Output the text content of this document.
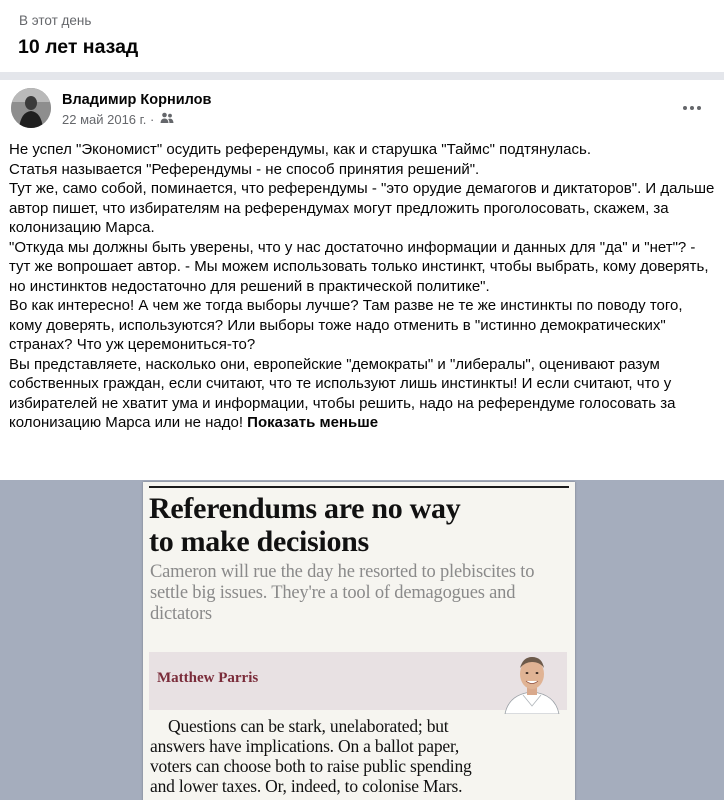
В этот день
10 лет назад
Владимир Корнилов
22 май 2016 г. ·

Не успел "Экономист" осудить референдумы, как и старушка "Таймс" подтянулась.

Статья называется "Референдумы - не способ принятия решений".

Тут же, само собой, поминается, что референдумы - "это орудие демагогов и диктаторов". И дальше автор пишет, что избирателям на референдумах могут предложить проголосовать, скажем, за колонизацию Марса.

"Откуда мы должны быть уверены, что у нас достаточно информации и данных для "да" и "нет"? - тут же вопрошает автор. - Мы можем использовать только инстинкт, чтобы выбрать, кому доверять, но инстинктов недостаточно для решений в практической политике".

Во как интересно! А чем же тогда выборы лучше? Там разве не те же инстинкты по поводу того, кому доверять, используются? Или выборы тоже надо отменить в "истинно демократических" странах? Что уж церемониться-то?

Вы представляете, насколько они, европейские "демократы" и "либералы", оценивают разум собственных граждан, если считают, что те используют лишь инстинкты! И если считают, что у избирателей не хватит ума и информации, чтобы решить, надо на референдуме голосовать за колонизацию Марса или не надо! Показать меньше

Referendums are no way
to make decisions
Cameron will rue the day he resorted to plebiscites to settle big issues. They're a tool of demagogues and dictators
Matthew Parris
Questions can be stark, unelaborated; but
answers have implications. On a ballot paper,
voters can choose both to raise public spending
and lower taxes. Or, indeed, to colonise Mars.
